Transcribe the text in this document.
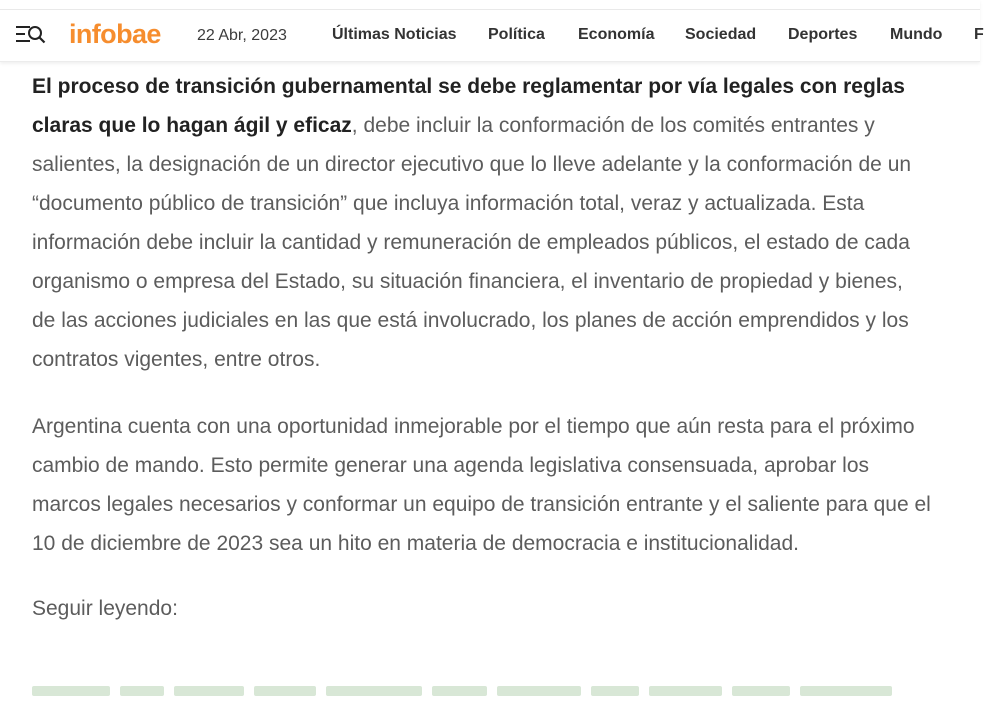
infobae 22 Abr, 2023	Últimas Noticias Política Economía Sociedad Deportes Mundo F

El proceso de transición gubernamental se debe reglamentar por vía legales con reglas claras que lo hagan ágil y eficaz, debe incluir la conformación de los comités entrantes y salientes, la designación de un director ejecutivo que lo lleve adelante y la conformación de un “documento público de transición” que incluya información total, veraz y actualizada. Esta información debe incluir la cantidad y remuneración de empleados públicos, el estado de cada organismo o empresa del Estado, su situación financiera, el inventario de propiedad y bienes, de las acciones judiciales en las que está involucrado, los planes de acción emprendidos y los contratos vigentes, entre otros.

Argentina cuenta con una oportunidad inmejorable por el tiempo que aún resta para el próximo cambio de mando. Esto permite generar una agenda legislativa consensuada, aprobar los marcos legales necesarios y conformar un equipo de transición entrante y el saliente para que el 10 de diciembre de 2023 sea un hito en materia de democracia e institucionalidad.

Seguir leyendo:
